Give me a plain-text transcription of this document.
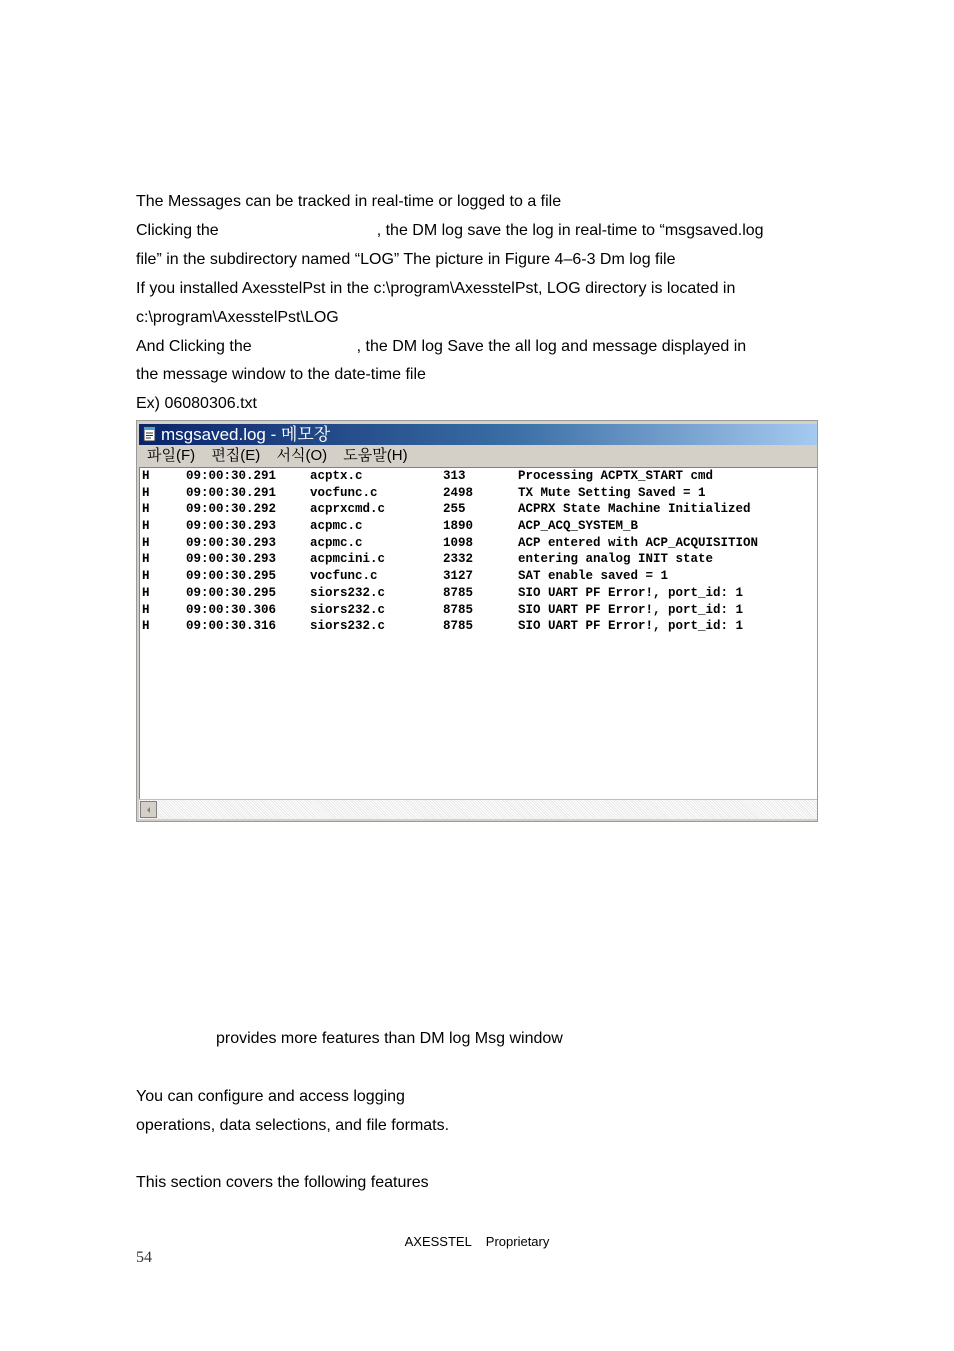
The Messages can be tracked in real-time or logged to a file
Clicking the	, the DM log save the log in real-time to “msgsaved.log
file” in the subdirectory named “LOG” The picture in Figure 4–6-3 Dm log file
If you installed AxesstelPst in the c:\program\AxesstelPst, LOG directory is located in
c:\program\AxesstelPst\LOG
And Clicking the	, the DM log Save the all log and message displayed in
the message window to the date-time file
Ex) 06080306.txt
msgsaved.log - 메모장
파일(F) 편집(E) 서식(O) 도움말(H)
H	09:00:30.291	acptx.c	313	Processing ACPTX_START cmd
H	09:00:30.291	vocfunc.c	2498	TX Mute Setting Saved = 1
H	09:00:30.292	acprxcmd.c	255	ACPRX State Machine Initialized
H	09:00:30.293	acpmc.c	1890	ACP_ACQ_SYSTEM_B
H	09:00:30.293	acpmc.c	1098	ACP entered with ACP_ACQUISITION
H	09:00:30.293	acpmcini.c	2332	entering analog INIT state
H	09:00:30.295	vocfunc.c	3127	SAT enable saved = 1
H	09:00:30.295	siors232.c	8785	SIO UART PF Error!, port_id: 1
H	09:00:30.306	siors232.c	8785	SIO UART PF Error!, port_id: 1
H	09:00:30.316	siors232.c	8785	SIO UART PF Error!, port_id: 1
provides more features than DM log Msg window
You can configure and access logging
operations, data selections, and file formats.
This section covers the following features
AXESSTEL    Proprietary
54
